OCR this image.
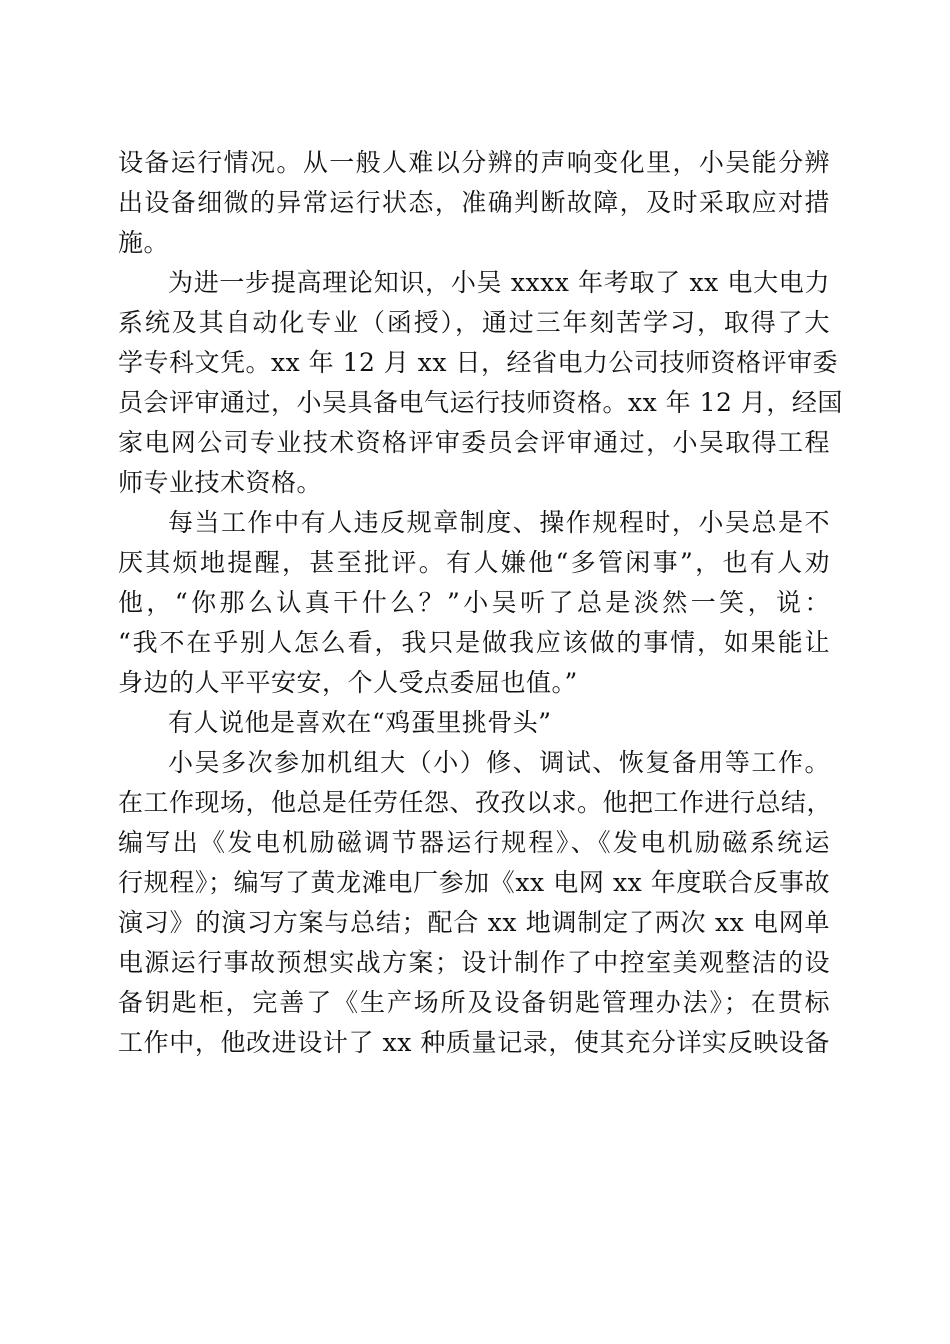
设备运行情况。从一般人难以分辨的声响变化里，小吴能分辨
出设备细微的异常运行状态，准确判断故障，及时采取应对措
施。
为进一步提高理论知识，小吴 xxxx 年考取了 xx 电大电力
系统及其自动化专业（函授），通过三年刻苦学习，取得了大
学专科文凭。xx 年 12 月 xx 日，经省电力公司技师资格评审委
员会评审通过，小吴具备电气运行技师资格。xx 年 12 月，经国
家电网公司专业技术资格评审委员会评审通过，小吴取得工程
师专业技术资格。
每当工作中有人违反规章制度、操作规程时，小吴总是不
厌其烦地提醒，甚至批评。有人嫌他“多管闲事”，也有人劝
他，“你那么认真干什么？”小吴听了总是淡然一笑，说：
“我不在乎别人怎么看，我只是做我应该做的事情，如果能让
身边的人平平安安，个人受点委屈也值。”
有人说他是喜欢在“鸡蛋里挑骨头”
小吴多次参加机组大（小）修、调试、恢复备用等工作。
在工作现场，他总是任劳任怨、孜孜以求。他把工作进行总结，
编写出《发电机励磁调节器运行规程》、《发电机励磁系统运
行规程》；编写了黄龙滩电厂参加《xx 电网 xx 年度联合反事故
演习》的演习方案与总结；配合 xx 地调制定了两次 xx 电网单
电源运行事故预想实战方案；设计制作了中控室美观整洁的设
备钥匙柜，完善了《生产场所及设备钥匙管理办法》；在贯标
工作中，他改进设计了 xx 种质量记录，使其充分详实反映设备
